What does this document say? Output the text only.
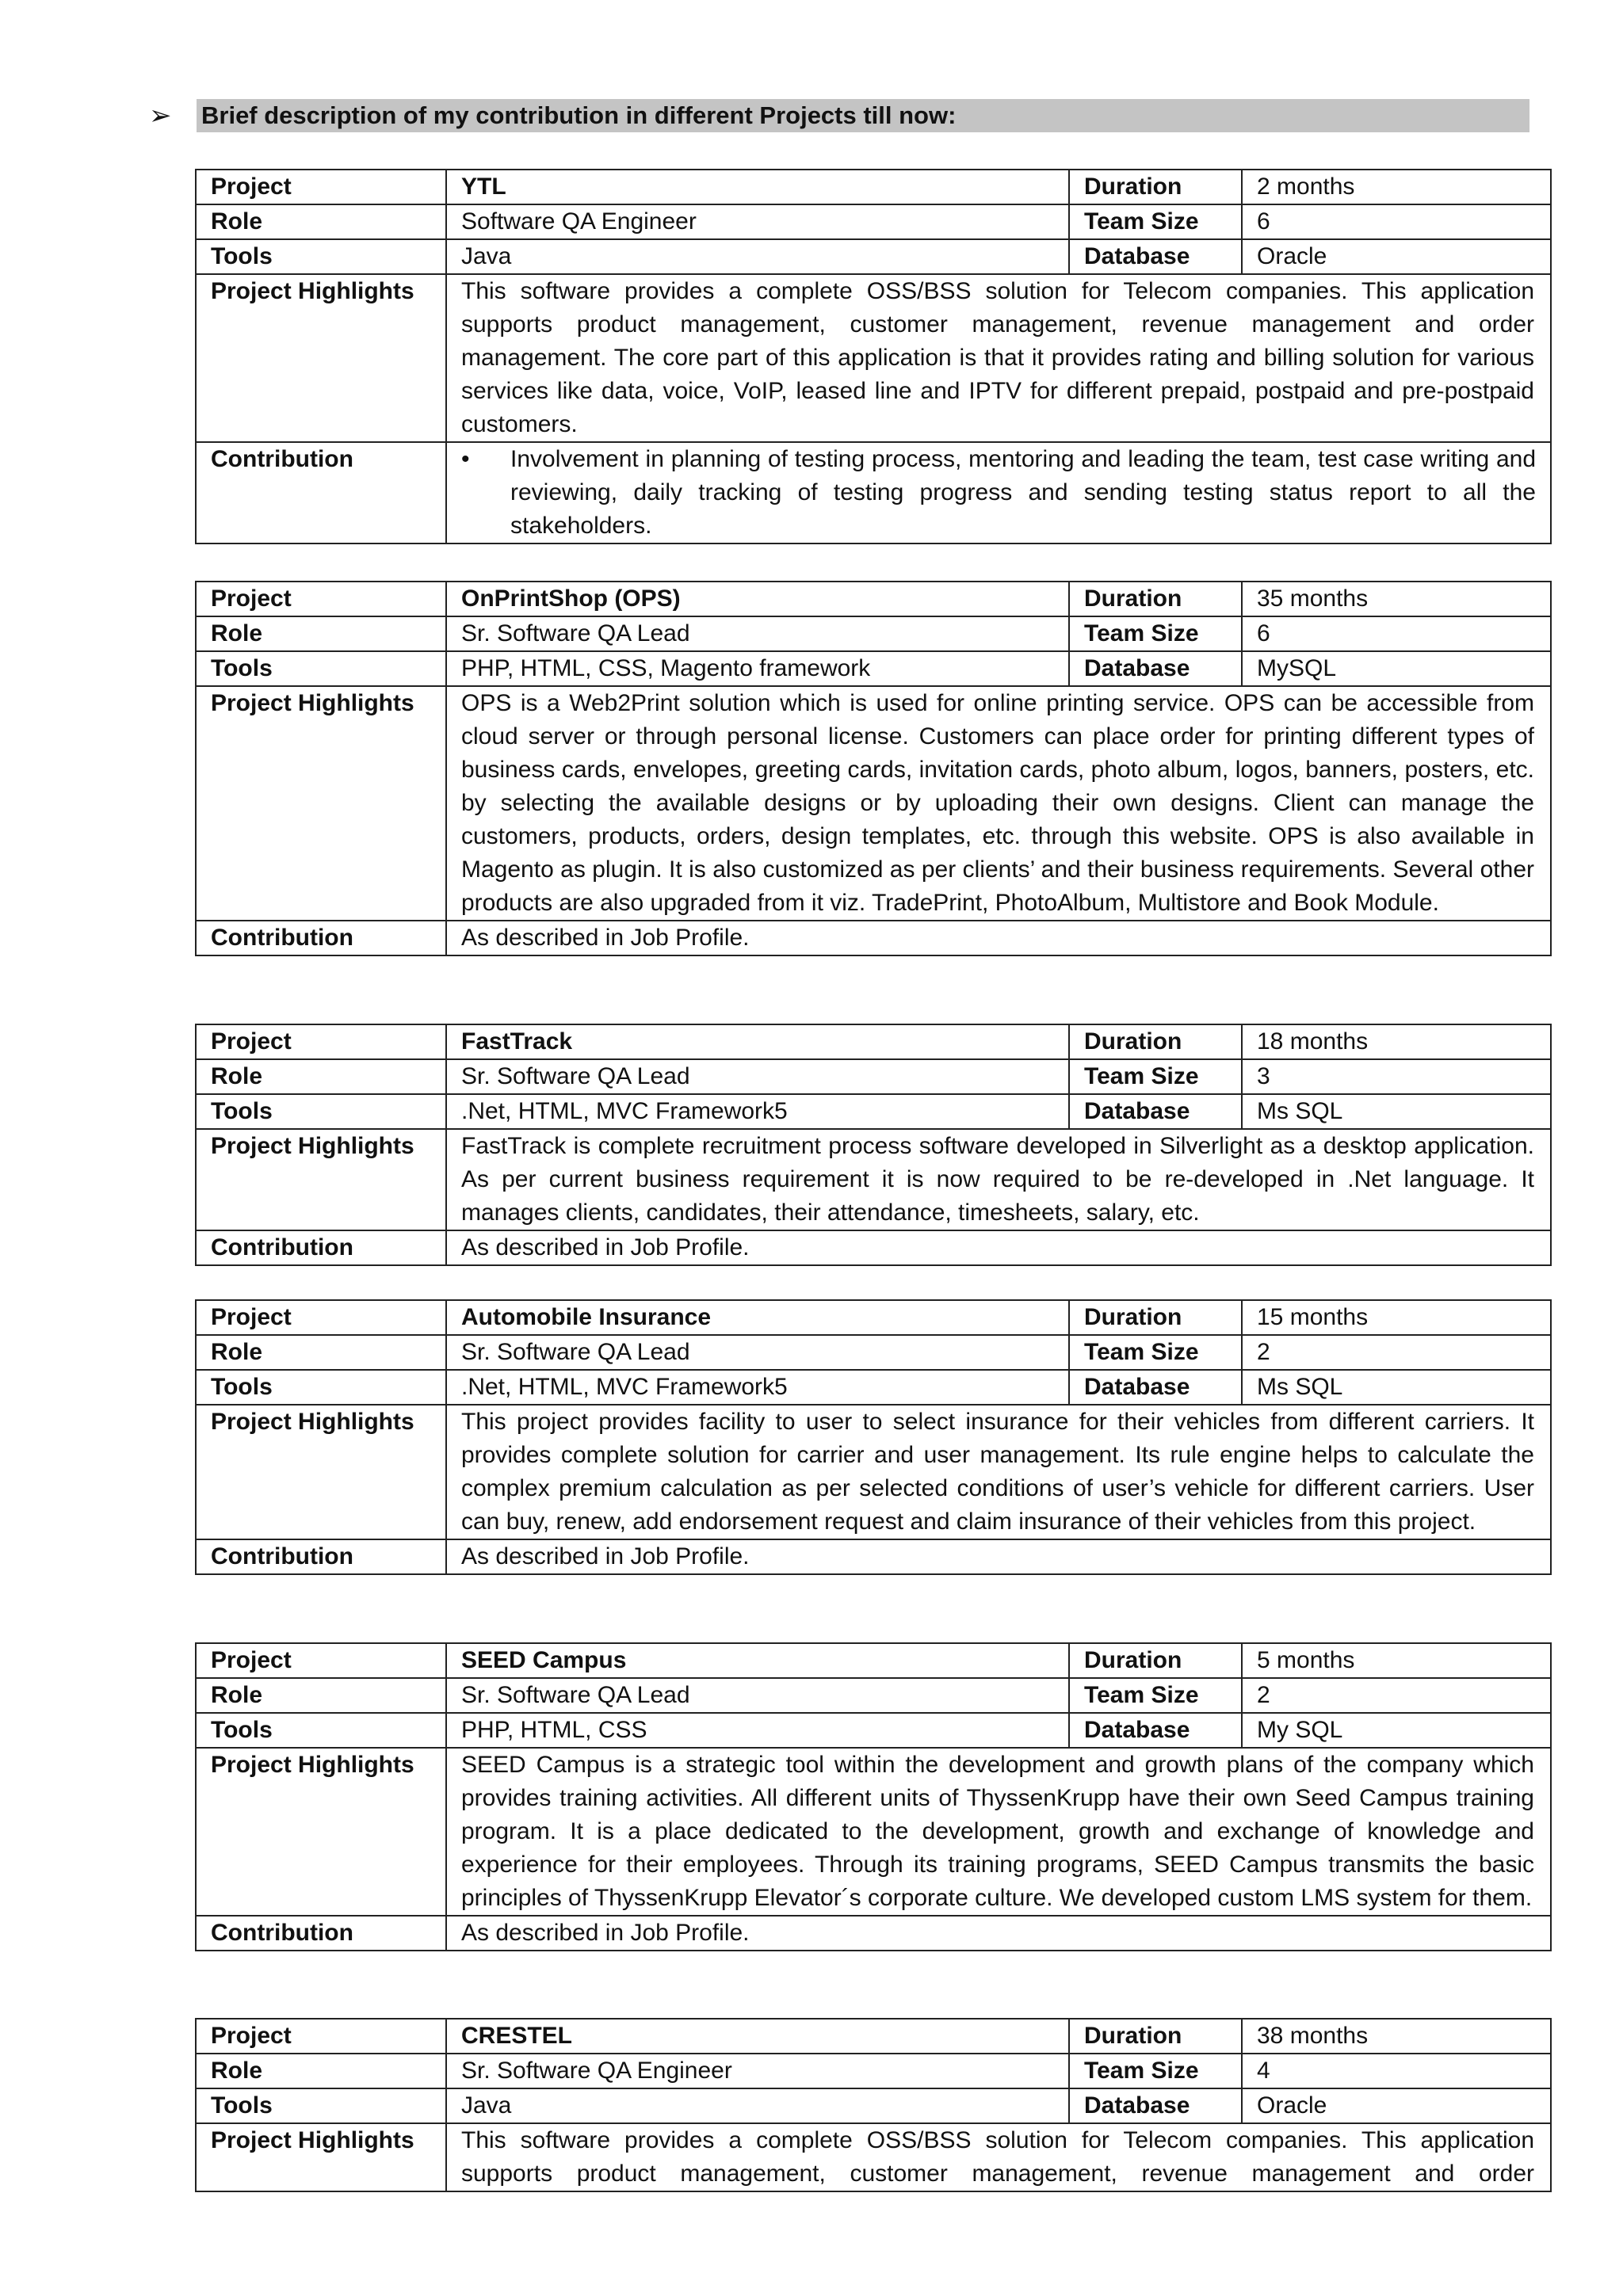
➢	Brief description of my contribution in different Projects till now:
Project	YTL	Duration	2 months
Role	Software QA Engineer	Team Size	6
Tools	Java	Database	Oracle
Project Highlights	This software provides a complete OSS/BSS solution for Telecom companies. This application supports product management, customer management, revenue management and order management. The core part of this application is that it provides rating and billing solution for various services like data, voice, VoIP, leased line and IPTV for different prepaid, postpaid and pre-postpaid customers.		
Contribution	• Involvement in planning of testing process, mentoring and leading the team, test case writing and reviewing, daily tracking of testing progress and sending testing status report to all the stakeholders.		
Project	OnPrintShop (OPS)	Duration	35 months
Role	Sr. Software QA Lead	Team Size	6
Tools	PHP, HTML, CSS, Magento framework	Database	MySQL
Project Highlights	OPS is a Web2Print solution which is used for online printing service. OPS can be accessible from cloud server or through personal license. Customers can place order for printing different types of business cards, envelopes, greeting cards, invitation cards, photo album, logos, banners, posters, etc. by selecting the available designs or by uploading their own designs. Client can manage the customers, products, orders, design templates, etc. through this website. OPS is also available in Magento as plugin. It is also customized as per clients’ and their business requirements. Several other products are also upgraded from it viz. TradePrint, PhotoAlbum, Multistore and Book Module.		
Contribution	As described in Job Profile.		
Project	FastTrack	Duration	18 months
Role	Sr. Software QA Lead	Team Size	3
Tools	.Net, HTML, MVC Framework5	Database	Ms SQL
Project Highlights	FastTrack is complete recruitment process software developed in Silverlight as a desktop application. As per current business requirement it is now required to be re-developed in .Net language. It manages clients, candidates, their attendance, timesheets, salary, etc.		
Contribution	As described in Job Profile.		
Project	Automobile Insurance	Duration	15 months
Role	Sr. Software QA Lead	Team Size	2
Tools	.Net, HTML, MVC Framework5	Database	Ms SQL
Project Highlights	This project provides facility to user to select insurance for their vehicles from different carriers. It provides complete solution for carrier and user management. Its rule engine helps to calculate the complex premium calculation as per selected conditions of user’s vehicle for different carriers. User can buy, renew, add endorsement request and claim insurance of their vehicles from this project.		
Contribution	As described in Job Profile.		
Project	SEED Campus	Duration	5 months
Role	Sr. Software QA Lead	Team Size	2
Tools	PHP, HTML, CSS	Database	My SQL
Project Highlights	SEED Campus is a strategic tool within the development and growth plans of the company which provides training activities. All different units of ThyssenKrupp have their own Seed Campus training program. It is a place dedicated to the development, growth and exchange of knowledge and experience for their employees. Through its training programs, SEED Campus transmits the basic principles of ThyssenKrupp Elevator´s corporate culture. We developed custom LMS system for them.		
Contribution	As described in Job Profile.		
Project	CRESTEL	Duration	38 months
Role	Sr. Software QA Engineer	Team Size	4
Tools	Java	Database	Oracle
Project Highlights	This software provides a complete OSS/BSS solution for Telecom companies. This application supports product management, customer management, revenue management and order		
